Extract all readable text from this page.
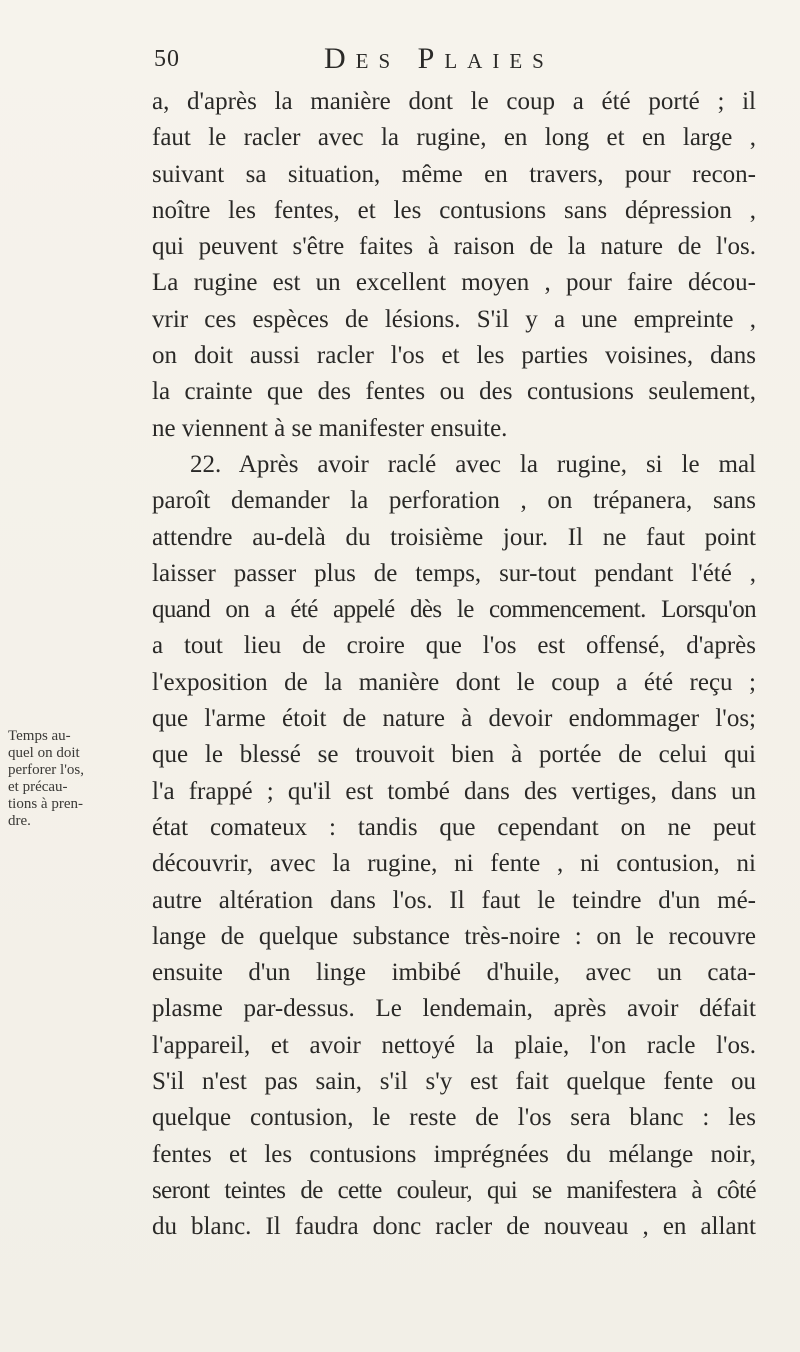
50	Des Plaies
Temps au-
quel on doit
perforer l'os,
et précau-
tions à pren-
dre.
a, d'après la manière dont le coup a été porté ; il
faut le racler avec la rugine, en long et en large ,
suivant sa situation, même en travers, pour recon-
noître les fentes, et les contusions sans dépression ,
qui peuvent s'être faites à raison de la nature de l'os.
La rugine est un excellent moyen , pour faire décou-
vrir ces espèces de lésions. S'il y a une empreinte ,
on doit aussi racler l'os et les parties voisines, dans
la crainte que des fentes ou des contusions seulement,
ne viennent à se manifester ensuite.
22. Après avoir raclé avec la rugine, si le mal
paroît demander la perforation , on trépanera, sans
attendre au-delà du troisième jour. Il ne faut point
laisser passer plus de temps, sur-tout pendant l'été ,
quand on a été appelé dès le commencement. Lorsqu'on
a tout lieu de croire que l'os est offensé, d'après
l'exposition de la manière dont le coup a été reçu ;
que l'arme étoit de nature à devoir endommager l'os;
que le blessé se trouvoit bien à portée de celui qui
l'a frappé ; qu'il est tombé dans des vertiges, dans un
état comateux : tandis que cependant on ne peut
découvrir, avec la rugine, ni fente , ni contusion, ni
autre altération dans l'os. Il faut le teindre d'un mé-
lange de quelque substance très-noire : on le recouvre
ensuite d'un linge imbibé d'huile, avec un cata-
plasme par-dessus. Le lendemain, après avoir défait
l'appareil, et avoir nettoyé la plaie, l'on racle l'os.
S'il n'est pas sain, s'il s'y est fait quelque fente ou
quelque contusion, le reste de l'os sera blanc : les
fentes et les contusions imprégnées du mélange noir,
seront teintes de cette couleur, qui se manifestera à côté
du blanc. Il faudra donc racler de nouveau , en allant
